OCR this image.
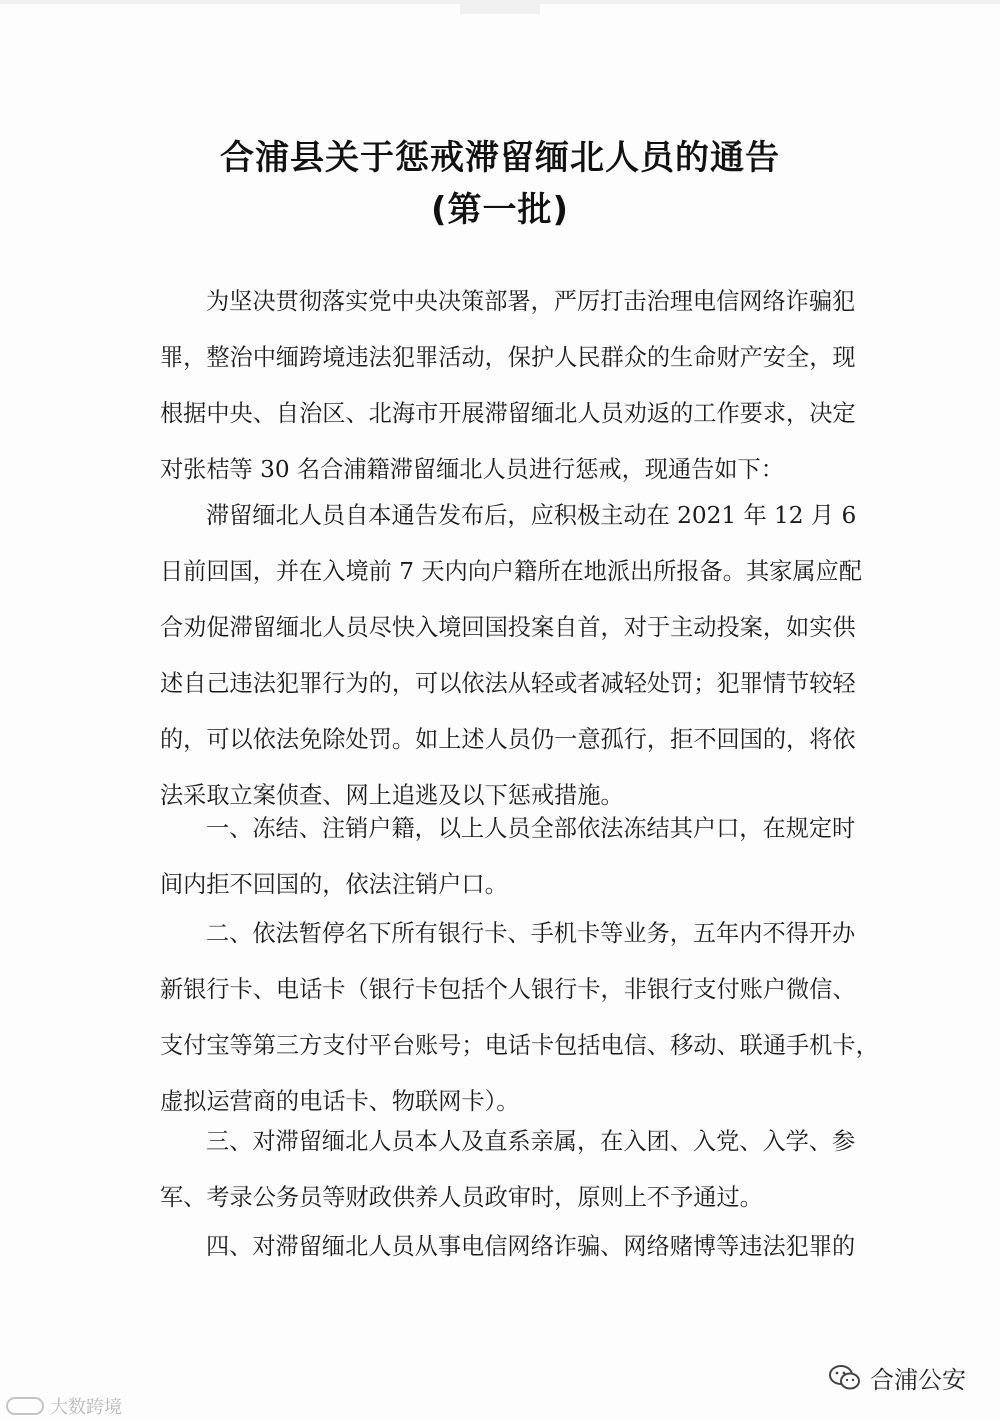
合浦县关于惩戒滞留缅北人员的通告
(第一批)
为坚决贯彻落实党中央决策部署，严厉打击治理电信网络诈骗犯
罪，整治中缅跨境违法犯罪活动，保护人民群众的生命财产安全，现
根据中央、自治区、北海市开展滞留缅北人员劝返的工作要求，决定
对张桔等 30 名合浦籍滞留缅北人员进行惩戒，现通告如下：
滞留缅北人员自本通告发布后，应积极主动在 2021 年 12 月 6
日前回国，并在入境前 7 天内向户籍所在地派出所报备。其家属应配
合劝促滞留缅北人员尽快入境回国投案自首，对于主动投案，如实供
述自己违法犯罪行为的，可以依法从轻或者减轻处罚；犯罪情节较轻
的，可以依法免除处罚。如上述人员仍一意孤行，拒不回国的，将依
法采取立案侦查、网上追逃及以下惩戒措施。
一、冻结、注销户籍，以上人员全部依法冻结其户口，在规定时
间内拒不回国的，依法注销户口。
二、依法暂停名下所有银行卡、手机卡等业务，五年内不得开办
新银行卡、电话卡（银行卡包括个人银行卡，非银行支付账户微信、
支付宝等第三方支付平台账号；电话卡包括电信、移动、联通手机卡，
虚拟运营商的电话卡、物联网卡）。
三、对滞留缅北人员本人及直系亲属，在入团、入党、入学、参
军、考录公务员等财政供养人员政审时，原则上不予通过。
四、对滞留缅北人员从事电信网络诈骗、网络赌博等违法犯罪的
大数跨境
合浦公安
